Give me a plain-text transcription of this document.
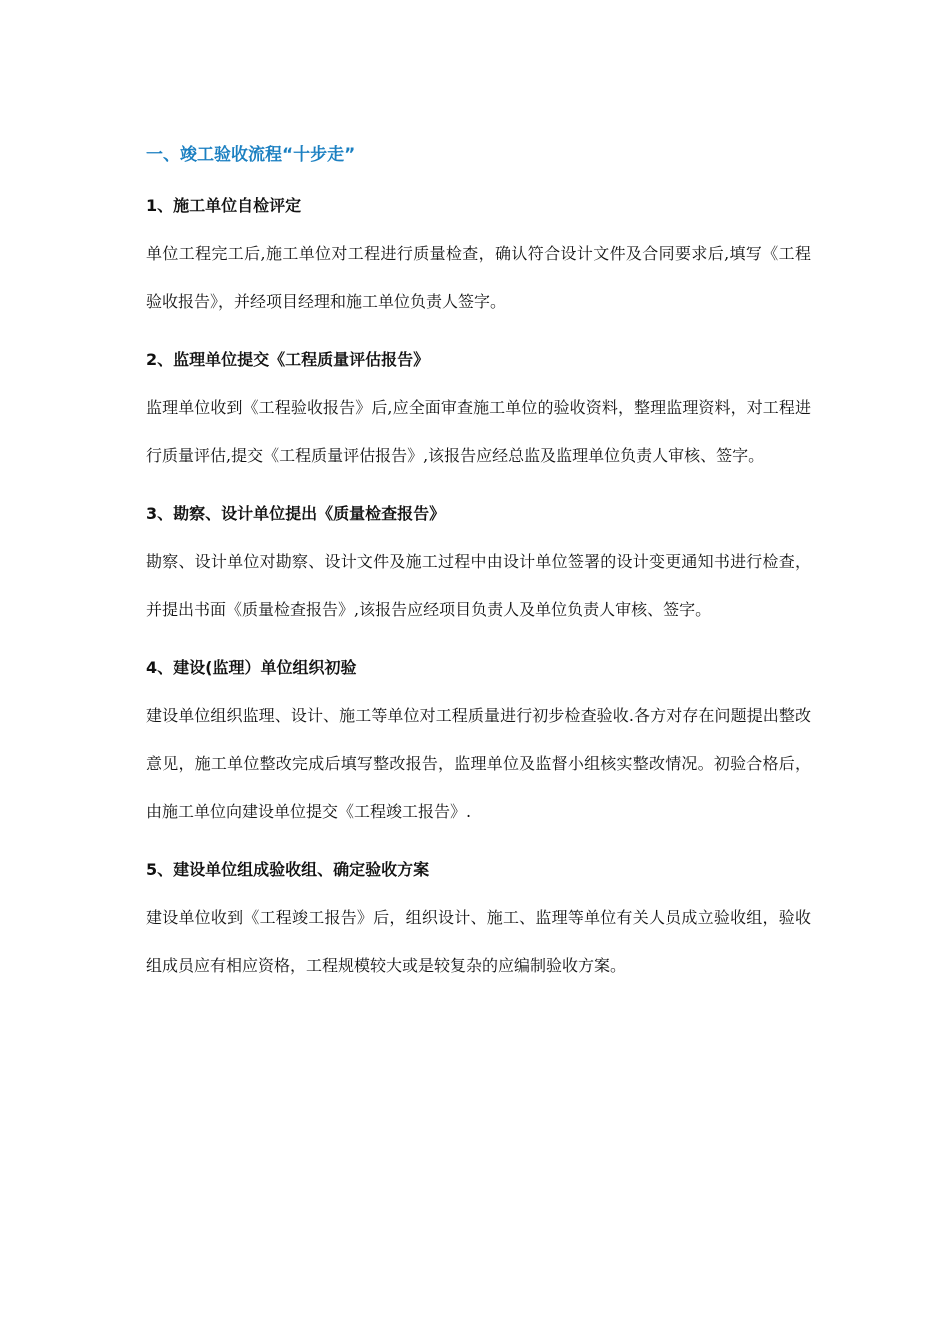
一、竣工验收流程“十步走”
1、施工单位自检评定

单位工程完工后,施工单位对工程进行质量检查，确认符合设计文件及合同要求后,填写《工程验收报告》，并经项目经理和施工单位负责人签字。

2、监理单位提交《工程质量评估报告》

监理单位收到《工程验收报告》后,应全面审查施工单位的验收资料，整理监理资料，对工程进行质量评估,提交《工程质量评估报告》,该报告应经总监及监理单位负责人审核、签字。

3、勘察、设计单位提出《质量检查报告》

勘察、设计单位对勘察、设计文件及施工过程中由设计单位签署的设计变更通知书进行检查，并提出书面《质量检查报告》,该报告应经项目负责人及单位负责人审核、签字。

4、建设(监理）单位组织初验

建设单位组织监理、设计、施工等单位对工程质量进行初步检查验收.各方对存在问题提出整改意见，施工单位整改完成后填写整改报告，监理单位及监督小组核实整改情况。初验合格后，由施工单位向建设单位提交《工程竣工报告》.

5、建设单位组成验收组、确定验收方案

建设单位收到《工程竣工报告》后，组织设计、施工、监理等单位有关人员成立验收组，验收组成员应有相应资格，工程规模较大或是较复杂的应编制验收方案。
